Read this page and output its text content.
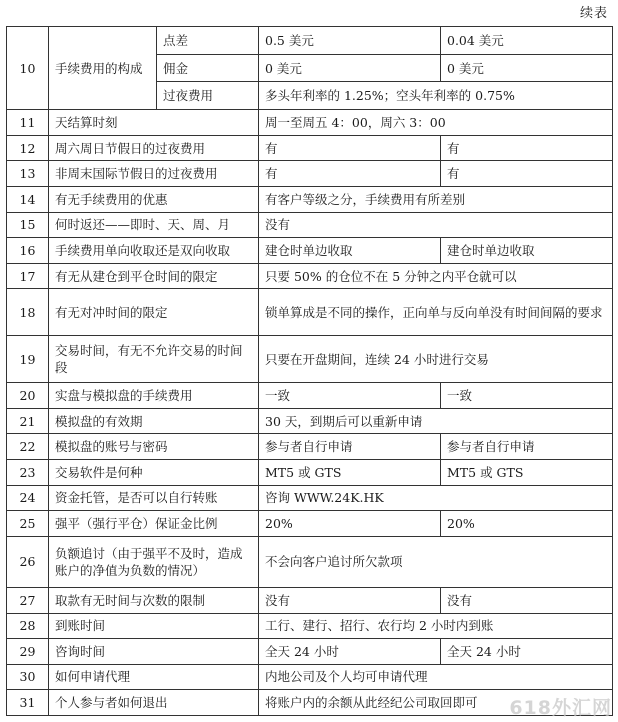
续表
10	手续费用的构成	点差	0.5 美元	0.04 美元
		佣金	0 美元	0 美元
		过夜费用	多头年利率的 1.25%；空头年利率的 0.75%	
11	天结算时刻		周一至周五 4：00，周六 3：00	
12	周六周日节假日的过夜费用		有	有
13	非周末国际节假日的过夜费用		有	有
14	有无手续费用的优惠		有客户等级之分，手续费用有所差别	
15	何时返还——即时、天、周、月		没有	
16	手续费用单向收取还是双向收取		建仓时单边收取	建仓时单边收取
17	有无从建仓到平仓时间的限定		只要 50% 的仓位不在 5 分钟之内平仓就可以	
18	有无对冲时间的限定		锁单算成是不同的操作，正向单与反向单没有时间间隔的要求	
19	交易时间，有无不允许交易的时间段		只要在开盘期间，连续 24 小时进行交易	
20	实盘与模拟盘的手续费用		一致	一致
21	模拟盘的有效期		30 天，到期后可以重新申请	
22	模拟盘的账号与密码		参与者自行申请	参与者自行申请
23	交易软件是何种		MT5 或 GTS	MT5 或 GTS
24	资金托管，是否可以自行转账		咨询 WWW.24K.HK	
25	强平（强行平仓）保证金比例		20%	20%
26	负额追讨（由于强平不及时，造成账户的净值为负数的情况）		不会向客户追讨所欠款项	
27	取款有无时间与次数的限制		没有	没有
28	到账时间		工行、建行、招行、农行均 2 小时内到账	
29	咨询时间		全天 24 小时	全天 24 小时
30	如何申请代理		内地公司及个人均可申请代理	
31	个人参与者如何退出		将账户内的余额从此经纪公司取回即可	618外汇网
